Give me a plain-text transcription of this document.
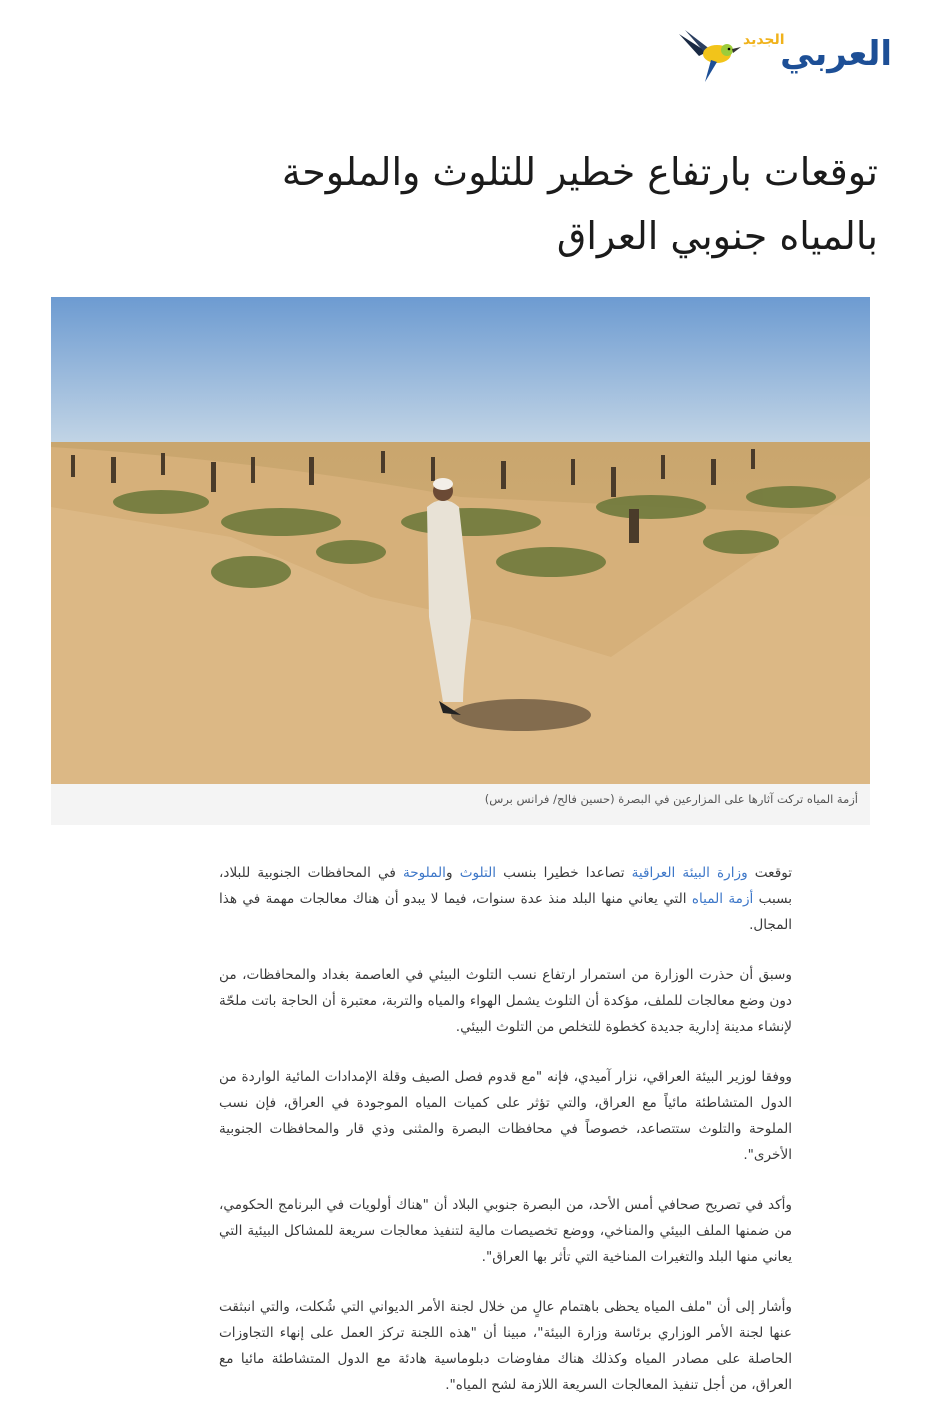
الجديد
العربي
توقعات بارتفاع خطير للتلوث والملوحة بالمياه جنوبي العراق
أزمة المياه تركت آثارها على المزارعين في البصرة (حسين فالح/ فرانس برس)

توقعت وزارة البيئة العراقية تصاعدا خطيرا بنسب التلوث والملوحة في المحافظات الجنوبية للبلاد، بسبب أزمة المياه التي يعاني منها البلد منذ عدة سنوات، فيما لا يبدو أن هناك معالجات مهمة في هذا المجال.

وسبق أن حذرت الوزارة من استمرار ارتفاع نسب التلوث البيئي في العاصمة بغداد والمحافظات، من دون وضع معالجات للملف، مؤكدة أن التلوث يشمل الهواء والمياه والتربة، معتبرة أن الحاجة باتت ملحّة لإنشاء مدينة إدارية جديدة كخطوة للتخلص من التلوث البيئي.

ووفقا لوزير البيئة العراقي، نزار آميدي، فإنه "مع قدوم فصل الصيف وقلة الإمدادات المائية الواردة من الدول المتشاطئة مائياً مع العراق، والتي تؤثر على كميات المياه الموجودة في العراق، فإن نسب الملوحة والتلوث ستتصاعد، خصوصاً في محافظات البصرة والمثنى وذي قار والمحافظات الجنوبية الأخرى".

وأكد في تصريح صحافي أمس الأحد، من البصرة جنوبي البلاد أن "هناك أولويات في البرنامج الحكومي، من ضمنها الملف البيئي والمناخي، ووضع تخصيصات مالية لتنفيذ معالجات سريعة للمشاكل البيئية التي يعاني منها البلد والتغيرات المناخية التي تأثر بها العراق".

وأشار إلى أن "ملف المياه يحظى باهتمام عالٍ من خلال لجنة الأمر الديواني التي شُكلت، والتي انبثقت عنها لجنة الأمر الوزاري برئاسة وزارة البيئة"، مبينا أن "هذه اللجنة تركز العمل على إنهاء التجاوزات الحاصلة على مصادر المياه وكذلك هناك مفاوضات دبلوماسية هادئة مع الدول المتشاطئة مائيا مع العراق، من أجل تنفيذ المعالجات السريعة اللازمة لشح المياه".
